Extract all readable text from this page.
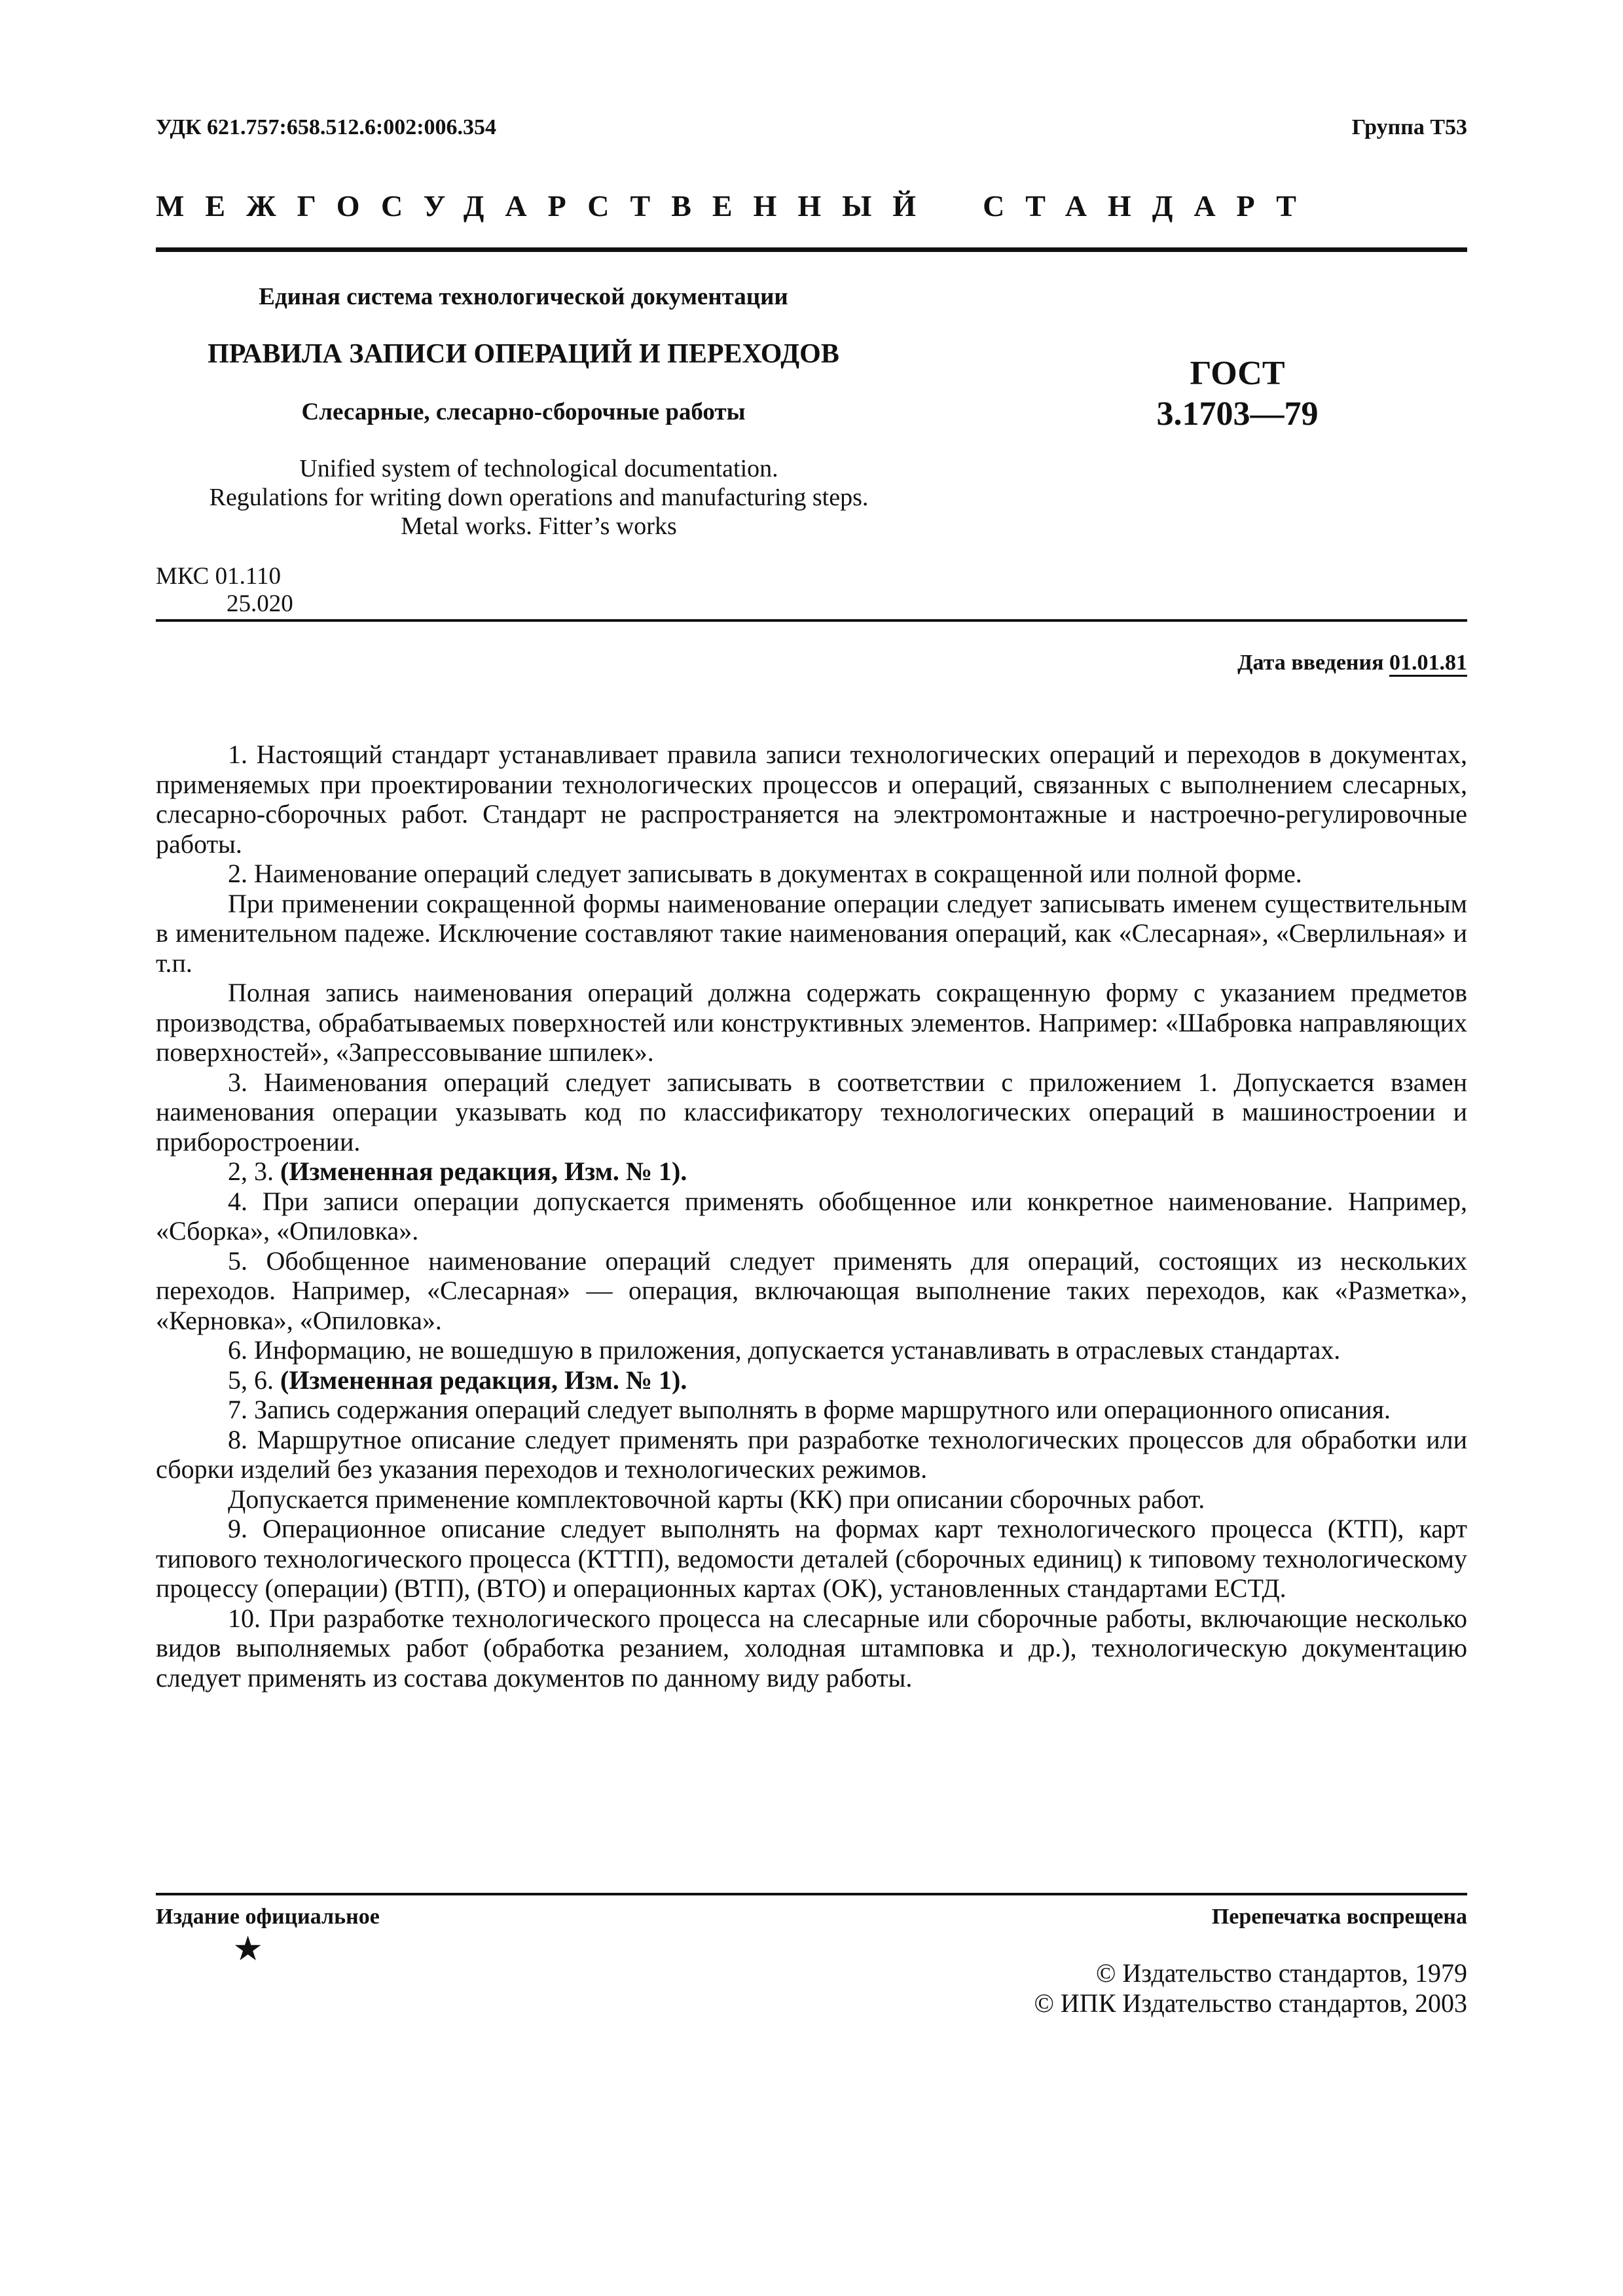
УДК 621.757:658.512.6:002:006.354	Группа Т53
МЕЖГОСУДАРСТВЕННЫЙ СТАНДАРТ
Единая система технологической документации
ПРАВИЛА ЗАПИСИ ОПЕРАЦИЙ И ПЕРЕХОДОВ
Слесарные, слесарно-сборочные работы
ГОСТ
3.1703—79
Unified system of technological documentation.
Regulations for writing down operations and manufacturing steps.
Metal works. Fitter’s works
МКС 01.110
25.020
Дата введения 01.01.81

1. Настоящий стандарт устанавливает правила записи технологических операций и переходов в документах, применяемых при проектировании технологических процессов и операций, связанных с выполнением слесарных, слесарно-сборочных работ. Стандарт не распространяется на электромонтажные и настроечно-регулировочные работы.

2. Наименование операций следует записывать в документах в сокращенной или полной форме.

При применении сокращенной формы наименование операции следует записывать именем существительным в именительном падеже. Исключение составляют такие наименования операций, как «Слесарная», «Сверлильная» и т.п.

Полная запись наименования операций должна содержать сокращенную форму с указанием предметов производства, обрабатываемых поверхностей или конструктивных элементов. Например: «Шабровка направляющих поверхностей», «Запрессовывание шпилек».

3. Наименования операций следует записывать в соответствии с приложением 1. Допускается взамен наименования операции указывать код по классификатору технологических операций в машиностроении и приборостроении.

2, 3. (Измененная редакция, Изм. № 1).

4. При записи операции допускается применять обобщенное или конкретное наименование. Например, «Сборка», «Опиловка».

5. Обобщенное наименование операций следует применять для операций, состоящих из нескольких переходов. Например, «Слесарная» — операция, включающая выполнение таких переходов, как «Разметка», «Керновка», «Опиловка».

6. Информацию, не вошедшую в приложения, допускается устанавливать в отраслевых стандартах.

5, 6. (Измененная редакция, Изм. № 1).

7. Запись содержания операций следует выполнять в форме маршрутного или операционного описания.

8. Маршрутное описание следует применять при разработке технологических процессов для обработки или сборки изделий без указания переходов и технологических режимов.

Допускается применение комплектовочной карты (КК) при описании сборочных работ.

9. Операционное описание следует выполнять на формах карт технологического процесса (КТП), карт типового технологического процесса (КТТП), ведомости деталей (сборочных единиц) к типовому технологическому процессу (операции) (ВТП), (ВТО) и операционных картах (ОК), установленных стандартами ЕСТД.

10. При разработке технологического процесса на слесарные или сборочные работы, включающие несколько видов выполняемых работ (обработка резанием, холодная штамповка и др.), технологическую документацию следует применять из состава документов по данному виду работы.

Издание официальное
★
Перепечатка воспрещена
© Издательство стандартов, 1979
© ИПК Издательство стандартов, 2003
